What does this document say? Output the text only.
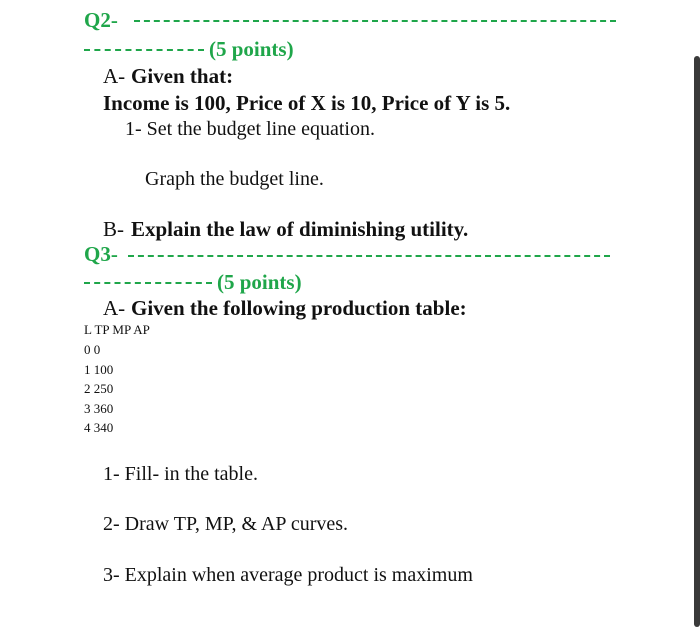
Q2-
(5 points)
A- Given that:
Income is 100, Price of X is 10, Price of Y is 5.
1- Set the budget line equation.
Graph the budget line.
B- Explain the law of diminishing utility.
Q3-
(5 points)
A- Given the following production table:
L TP MP AP
0 0
1 100
2 250
3 360
4 340
1- Fill- in the table.
2- Draw TP, MP, & AP curves.
3- Explain when average product is maximum
